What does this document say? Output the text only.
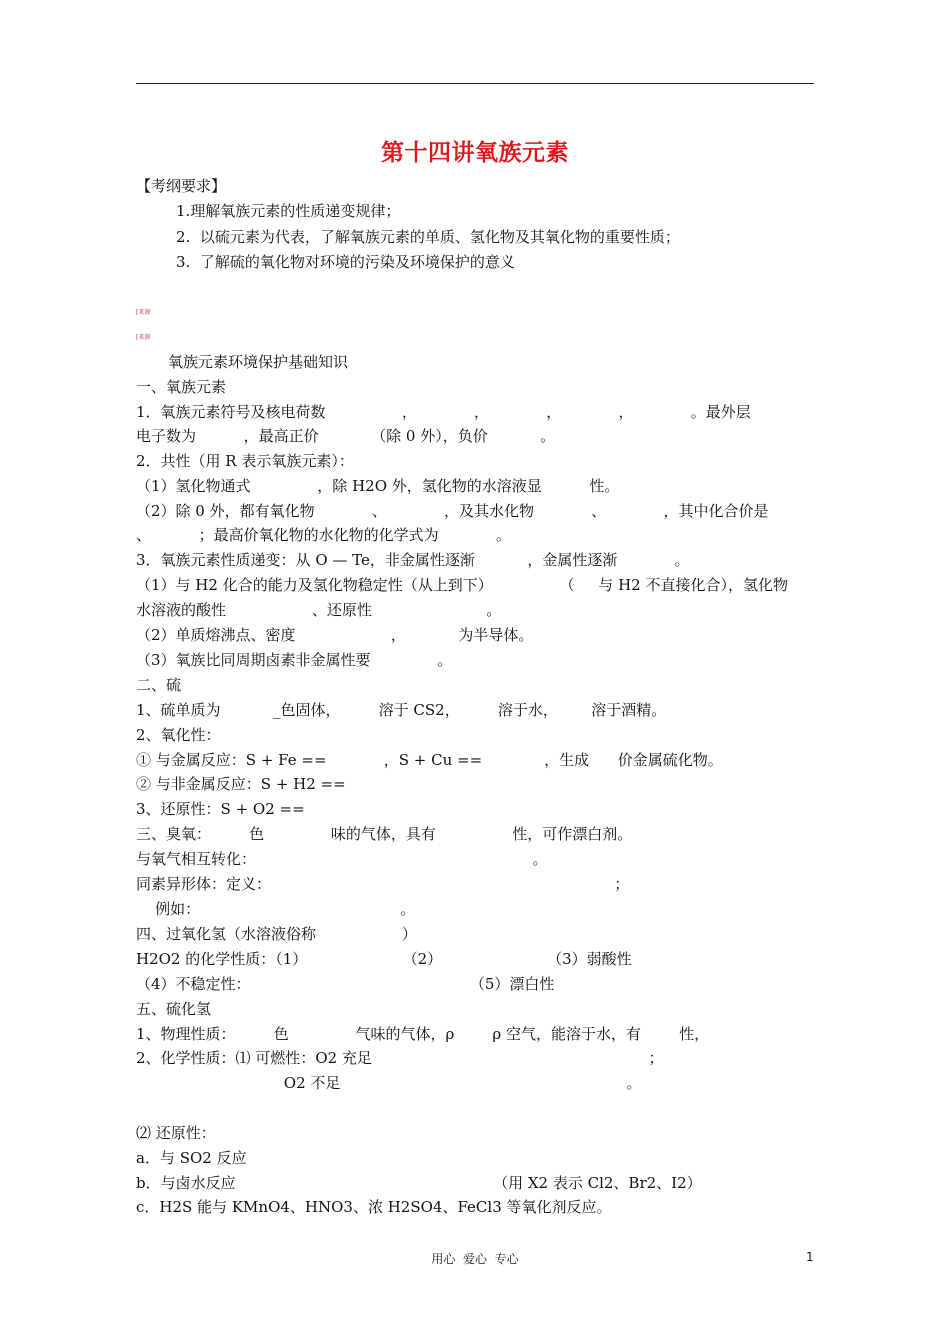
第十四讲氧族元素
【考纲要求】
1.理解氧族元素的性质递变规律；
2.  以硫元素为代表，了解氧族元素的单质、氢化物及其氧化物的重要性质；
3.  了解硫的氧化物对环境的污染及环境保护的意义
[来源
[来源
氧族元素环境保护基础知识
一、氧族元素
1．氧族元素符号及核电荷数                ，            ，            ，            ，            。最外层
电子数为          ，最高正价           （除 0 外），负价           。
2．共性（用 R 表示氧族元素）：
（1）氢化物通式              ，除 H2O 外，氢化物的水溶液显          性。
（2）除 0 外，都有氧化物            、            ，及其水化物            、            ，其中化合价是
、          ；最高价氧化物的水化物的化学式为            。
3．氧族元素性质递变：从 O — Te，非金属性逐渐           ，金属性逐渐            。
（1）与 H2 化合的能力及氢化物稳定性（从上到下）              （     与 H2 不直接化合），氢化物
水溶液的酸性                  、还原性                        。
（2）单质熔沸点、密度                    ，           为半导体。
（3）氧族比同周期卤素非金属性要              。
二、硫
1、硫单质为           _色固体，        溶于 CS2，        溶于水，       溶于酒精。
2、氧化性：
① 与金属反应：S + Fe ==            ，S + Cu ==             ，生成      价金属硫化物。
② 与非金属反应：S + H2 ==
3、还原性：S + O2 ==
三、臭氧：        色              味的气体，具有                性，可作漂白剂。
与氧气相互转化：                                                          。
同素异形体：定义：                                                                        ；
例如：                                          。
四、过氧化氢（水溶液俗称                  ）
H2O2 的化学性质：（1）                    （2）                      （3）弱酸性
（4）不稳定性：                                              （5）漂白性
五、硫化氢
1、物理性质：        色              气味的气体，ρ        ρ 空气，能溶于水，有        性，
2、化学性质：⑴ 可燃性：O2 充足                                                          ；
O2 不足                                                            。
⑵ 还原性：
a．与 SO2 反应
b．与卤水反应                                                      （用 X2 表示 Cl2、Br2、I2）
c．H2S 能与 KMnO4、HNO3、浓 H2SO4、FeCl3 等氧化剂反应。
用心  爱心  专心	1
